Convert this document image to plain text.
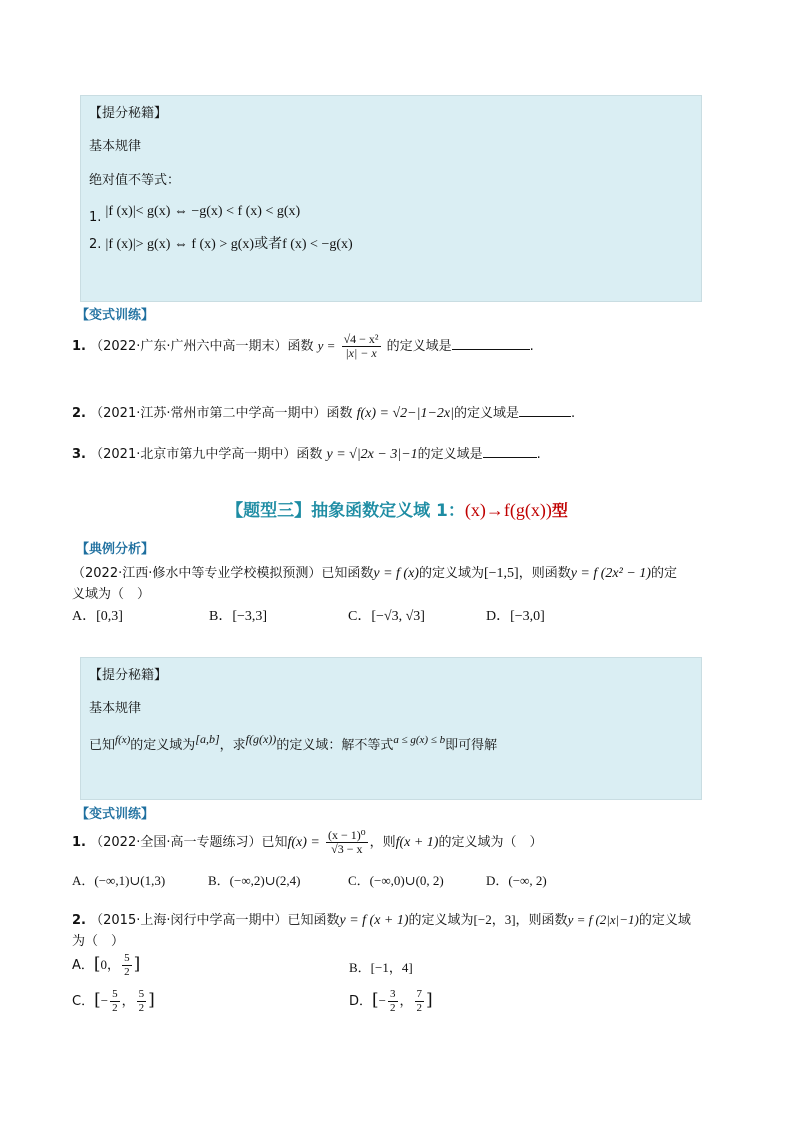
【提分秘籍】
基本规律
绝对值不等式：
1. |f (x)|< g(x) ⇔ −g(x) < f (x) < g(x)
2. |f (x)|> g(x) ⇔ f (x) > g(x)或者f (x) < −g(x)
【变式训练】
1. （2022·广东·广州六中高一期末）函数 $y = \frac{\text{√4 − x²}}{|x| - x}$ 的定义域是	.
2. （2021·江苏·常州市第二中学高一期中）函数 f(x) = √2−|1−2x|的定义域是	.
3. （2021·北京市第九中学高一期中）函数 y = √|2x − 3|−1的定义域是	.
【题型三】抽象函数定义域 1：(x)→f(g(x))型
【典例分析】
（2022·江西·修水中等专业学校模拟预测）已知函数y = f (x)的定义域为[−1,5]，则函数y = f (2x² − 1)的定
义域为（　）
A．[0,3]	B．[−3,3]	C．[−√3, √3]	D．[−3,0]
【提分秘籍】
基本规律
已知$^{f(x)}$的定义域为[a,b]，求f(g(x))的定义域：解不等式$^{a \le g(x) \le b}$即可得解
【变式训练】
1. （2022·全国·高一专题练习）已知$f(x) = \frac{\text{(x − 1)⁰}}{√3 - x}$ ，则f(x + 1)的定义域为（　）
A．(−∞,1)∪(1,3)	B．(−∞,2)∪(2,4)	C．(−∞,0)∪(0, 2)	D．(−∞, 2)
2. （2015·上海·闵行中学高一期中）已知函数y = f (x + 1)的定义域为[−2，3]，则函数y = f (2|x|−1)的定义域
为（　）
A．[0， $\frac{5}{2}$ ]	B．[−1，4]
C．[− $\frac{5}{2}$ ， $\frac{5}{2}$ ]	D．[− $\frac{3}{2}$ ， $\frac{7}{2}$ ]
